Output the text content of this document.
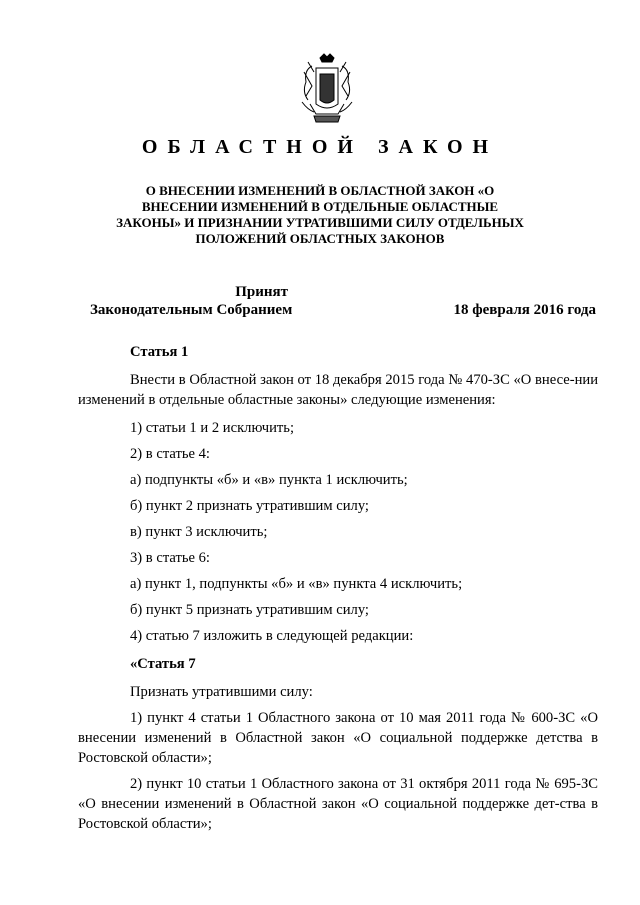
ОБЛАСТНОЙ ЗАКОН
О ВНЕСЕНИИ ИЗМЕНЕНИЙ В ОБЛАСТНОЙ ЗАКОН «О ВНЕСЕНИИ ИЗМЕНЕНИЙ В ОТДЕЛЬНЫЕ ОБЛАСТНЫЕ ЗАКОНЫ» И ПРИЗНАНИИ УТРАТИВШИМИ СИЛУ ОТДЕЛЬНЫХ ПОЛОЖЕНИЙ ОБЛАСТНЫХ ЗАКОНОВ
Принят
Законодательным Собранием	18 февраля 2016 года

Статья 1

Внести в Областной закон от 18 декабря 2015 года № 470-ЗС «О внесе-нии изменений в отдельные областные законы» следующие изменения:

1) статьи 1 и 2 исключить;

2) в статье 4:

а) подпункты «б» и «в» пункта 1 исключить;

б) пункт 2 признать утратившим силу;

в) пункт 3 исключить;

3) в статье 6:

а) пункт 1, подпункты «б» и «в» пункта 4 исключить;

б) пункт 5 признать утратившим силу;

4) статью 7 изложить в следующей редакции:

«Статья 7

Признать утратившими силу:

1) пункт 4 статьи 1 Областного закона от 10 мая 2011 года № 600-ЗС «О внесении изменений в Областной закон «О социальной поддержке детства в Ростовской области»;

2) пункт 10 статьи 1 Областного закона от 31 октября 2011 года № 695-ЗС «О внесении изменений в Областной закон «О социальной поддержке дет-ства в Ростовской области»;
